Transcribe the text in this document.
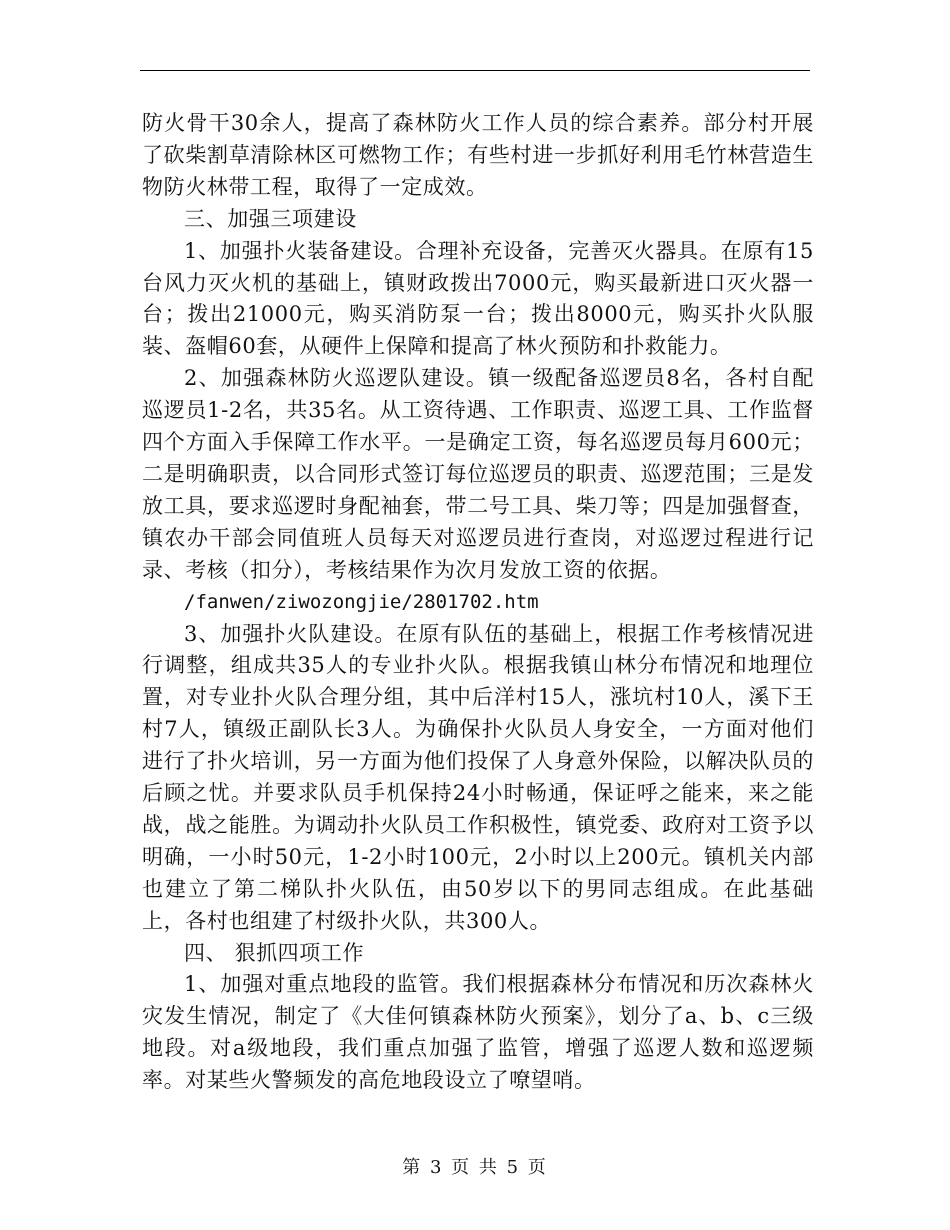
防火骨干30余人，提高了森林防火工作人员的综合素养。部分村开展了砍柴割草清除林区可燃物工作；有些村进一步抓好利用毛竹林营造生物防火林带工程，取得了一定成效。

三、加强三项建设

1、加强扑火装备建设。合理补充设备，完善灭火器具。在原有15台风力灭火机的基础上，镇财政拨出7000元，购买最新进口灭火器一台；拨出21000元，购买消防泵一台；拨出8000元，购买扑火队服装、盔帽60套，从硬件上保障和提高了林火预防和扑救能力。

2、加强森林防火巡逻队建设。镇一级配备巡逻员8名，各村自配巡逻员1-2名，共35名。从工资待遇、工作职责、巡逻工具、工作监督四个方面入手保障工作水平。一是确定工资，每名巡逻员每月600元；二是明确职责，以合同形式签订每位巡逻员的职责、巡逻范围；三是发放工具，要求巡逻时身配袖套，带二号工具、柴刀等；四是加强督查，镇农办干部会同值班人员每天对巡逻员进行查岗，对巡逻过程进行记录、考核（扣分），考核结果作为次月发放工资的依据。

/fanwen/ziwozongjie/2801702.htm

3、加强扑火队建设。在原有队伍的基础上，根据工作考核情况进行调整，组成共35人的专业扑火队。根据我镇山林分布情况和地理位置，对专业扑火队合理分组，其中后洋村15人，涨坑村10人，溪下王村7人，镇级正副队长3人。为确保扑火队员人身安全，一方面对他们进行了扑火培训，另一方面为他们投保了人身意外保险，以解决队员的后顾之忧。并要求队员手机保持24小时畅通，保证呼之能来，来之能战，战之能胜。为调动扑火队员工作积极性，镇党委、政府对工资予以明确，一小时50元，1-2小时100元，2小时以上200元。镇机关内部也建立了第二梯队扑火队伍，由50岁以下的男同志组成。在此基础上，各村也组建了村级扑火队，共300人。

四、 狠抓四项工作

1、加强对重点地段的监管。我们根据森林分布情况和历次森林火灾发生情况，制定了《大佳何镇森林防火预案》，划分了a、b、c三级地段。对a级地段，我们重点加强了监管，增强了巡逻人数和巡逻频率。对某些火警频发的高危地段设立了嘹望哨。

第 3 页 共 5 页
